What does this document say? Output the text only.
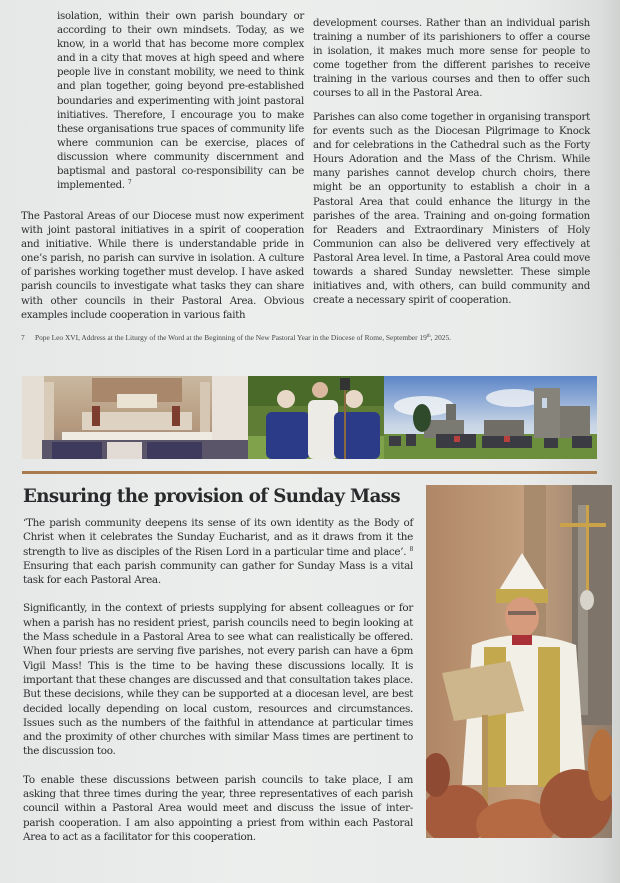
isolation, within their own parish boundary or according to their own mindsets. Today, as we know, in a world that has become more complex and in a city that moves at high speed and where people live in constant mobility, we need to think and plan together, going beyond pre-established boundaries and experimenting with joint pastoral initiatives. Therefore, I encourage you to make these organisations true spaces of community life where communion can be exercise, places of discussion where community discernment and baptismal and pastoral co-responsibility can be implemented. $^7$

The Pastoral Areas of our Diocese must now experiment with joint pastoral initiatives in a spirit of cooperation and initiative. While there is understandable pride in one’s parish, no parish can survive in isolation. A culture of parishes working together must develop. I have asked parish councils to investigate what tasks they can share with other councils in their Pastoral Area. Obvious examples include cooperation in various faith

development courses. Rather than an individual parish training a number of its parishioners to offer a course in isolation, it makes much more sense for people to come together from the different parishes to receive training in the various courses and then to offer such courses to all in the Pastoral Area.

Parishes can also come together in organising transport for events such as the Diocesan Pilgrimage to Knock and for celebrations in the Cathedral such as the Forty Hours Adoration and the Mass of the Chrism. While many parishes cannot develop church choirs, there might be an opportunity to establish a choir in a Pastoral Area that could enhance the liturgy in the parishes of the area. Training and on-going formation for Readers and Extraordinary Ministers of Holy Communion can also be delivered very effectively at Pastoral Area level. In time, a Pastoral Area could move towards a shared Sunday newsletter. These simple initiatives and, with others, can build community and create a necessary spirit of cooperation.

7 Pope Leo XVI, Address at the Liturgy of the Word at the Beginning of the New Pastoral Year in the Diocese of Rome, September 19th, 2025.
Ensuring the provision of Sunday Mass

‘The parish community deepens its sense of its own identity as the Body of Christ when it celebrates the Sunday Eucharist, and as it draws from it the strength to live as disciples of the Risen Lord in a particular time and place’. $^8$ Ensuring that each parish community can gather for Sunday Mass is a vital task for each Pastoral Area.

Significantly, in the context of priests supplying for absent colleagues or for when a parish has no resident priest, parish councils need to begin looking at the Mass schedule in a Pastoral Area to see what can realistically be offered. When four priests are serving five parishes, not every parish can have a 6pm Vigil Mass! This is the time to be having these discussions locally. It is important that these changes are discussed and that consultation takes place. But these decisions, while they can be supported at a diocesan level, are best decided locally depending on local custom, resources and circumstances. Issues such as the numbers of the faithful in attendance at particular times and the proximity of other churches with similar Mass times are pertinent to the discussion too.

To enable these discussions between parish councils to take place, I am asking that three times during the year, three representatives of each parish council within a Pastoral Area would meet and discuss the issue of inter-parish cooperation. I am also appointing a priest from within each Pastoral Area to act as a facilitator for this cooperation.
